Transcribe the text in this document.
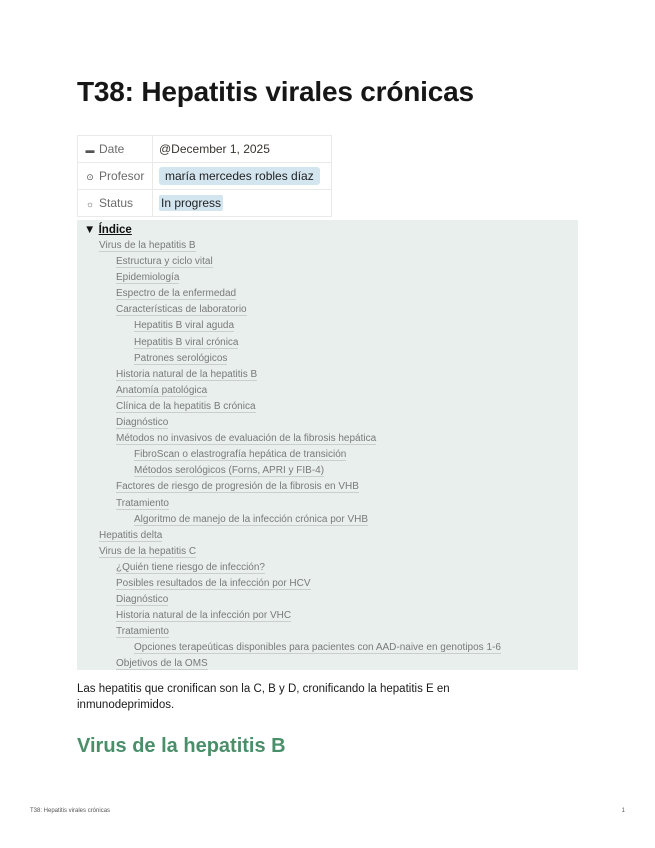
T38: Hepatitis virales crónicas
▬ Date	@December 1, 2025
⊙ Profesor	maría mercedes robles díaz
☼ Status	In progress
▼ Índice
Virus de la hepatitis B
Estructura y ciclo vital
Epidemiología
Espectro de la enfermedad
Características de laboratorio
Hepatitis B viral aguda
Hepatitis B viral crónica
Patrones serológicos
Historia natural de la hepatitis B
Anatomía patológica
Clínica de la hepatitis B crónica
Diagnóstico
Métodos no invasivos de evaluación de la fibrosis hepática
FibroScan o elastrografía hepática de transición
Métodos serológicos (Forns, APRI y FIB-4)
Factores de riesgo de progresión de la fibrosis en VHB
Tratamiento
Algoritmo de manejo de la infección crónica por VHB
Hepatitis delta
Virus de la hepatitis C
¿Quién tiene riesgo de infección?
Posibles resultados de la infección por HCV
Diagnóstico
Historia natural de la infección por VHC
Tratamiento
Opciones terapeúticas disponibles para pacientes con AAD-naive en genotipos 1-6
Objetivos de la OMS

Las hepatitis que cronifican son la C, B y D, cronificando la hepatitis E en inmunodeprimidos.

Virus de la hepatitis B
T38: Hepatitis virales crónicas	1
